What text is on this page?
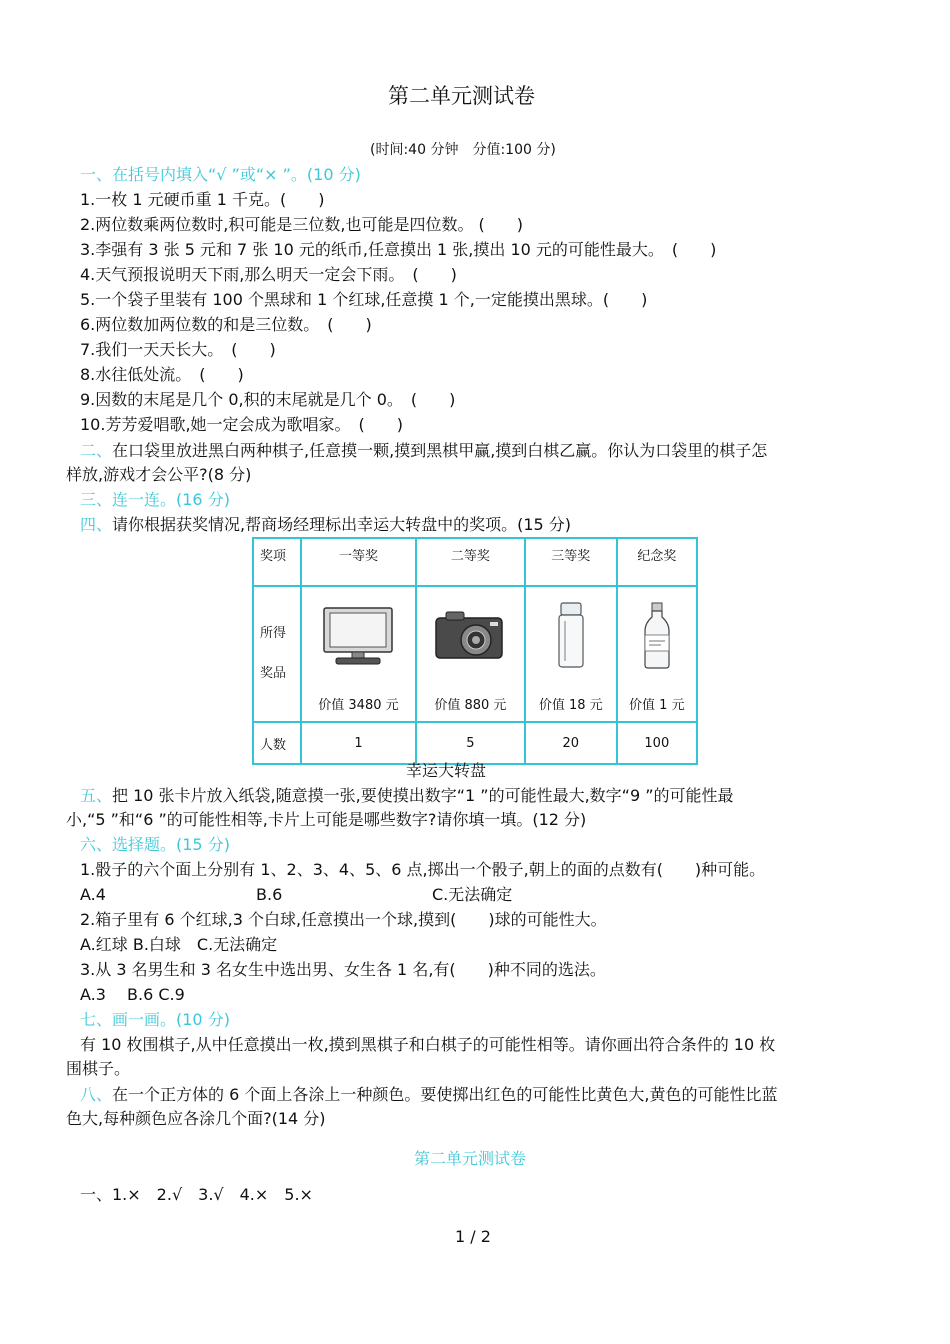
第二单元测试卷
(时间:40 分钟　分值:100 分)
一、在括号内填入“√ ”或“× ”。(10 分)
1.一枚 1 元硬币重 1 千克。(　　)
2.两位数乘两位数时,积可能是三位数,也可能是四位数。 (　　)
3.李强有 3 张 5 元和 7 张 10 元的纸币,任意摸出 1 张,摸出 10 元的可能性最大。　(　　)
4.天气预报说明天下雨,那么明天一定会下雨。　(　　)
5.一个袋子里装有 100 个黑球和 1 个红球,任意摸 1 个,一定能摸出黑球。(　　)
6.两位数加两位数的和是三位数。　(　　)
7.我们一天天长大。　(　　)
8.水往低处流。　(　　)
9.因数的末尾是几个 0,积的末尾就是几个 0。　(　　)
10.芳芳爱唱歌,她一定会成为歌唱家。　(　　)
二、在口袋里放进黑白两种棋子,任意摸一颗,摸到黑棋甲赢,摸到白棋乙赢。你认为口袋里的棋子怎
样放,游戏才会公平?(8 分)
三、连一连。(16 分)
四、请你根据获奖情况,帮商场经理标出幸运大转盘中的奖项。(15 分)
奖项	一等奖	二等奖	三等奖	纪念奖

所得
奖品	价值 3480 元	价值 880 元	价值 18 元	价值 1 元

人数	1	5	20	100
幸运大转盘
五、把 10 张卡片放入纸袋,随意摸一张,要使摸出数字“1 ”的可能性最大,数字“9 ”的可能性最
小,“5 ”和“6 ”的可能性相等,卡片上可能是哪些数字?请你填一填。(12 分)
六、选择题。(15 分)
1.骰子的六个面上分别有 1、2、3、4、5、6 点,掷出一个骰子,朝上的面的点数有(　　)种可能。
A.4	B.6	C.无法确定
2.箱子里有 6 个红球,3 个白球,任意摸出一个球,摸到(　　)球的可能性大。
A.红球 B.白球　C.无法确定
3.从 3 名男生和 3 名女生中选出男、女生各 1 名,有(　　)种不同的选法。
A.3　 B.6 C.9
七、画一画。(10 分)
有 10 枚围棋子,从中任意摸出一枚,摸到黑棋子和白棋子的可能性相等。请你画出符合条件的 10 枚
围棋子。
八、在一个正方体的 6 个面上各涂上一种颜色。要使掷出红色的可能性比黄色大,黄色的可能性比蓝
色大,每种颜色应各涂几个面?(14 分)
第二单元测试卷
一、1.×　2.√　3.√　4.×　5.×
1 / 2
